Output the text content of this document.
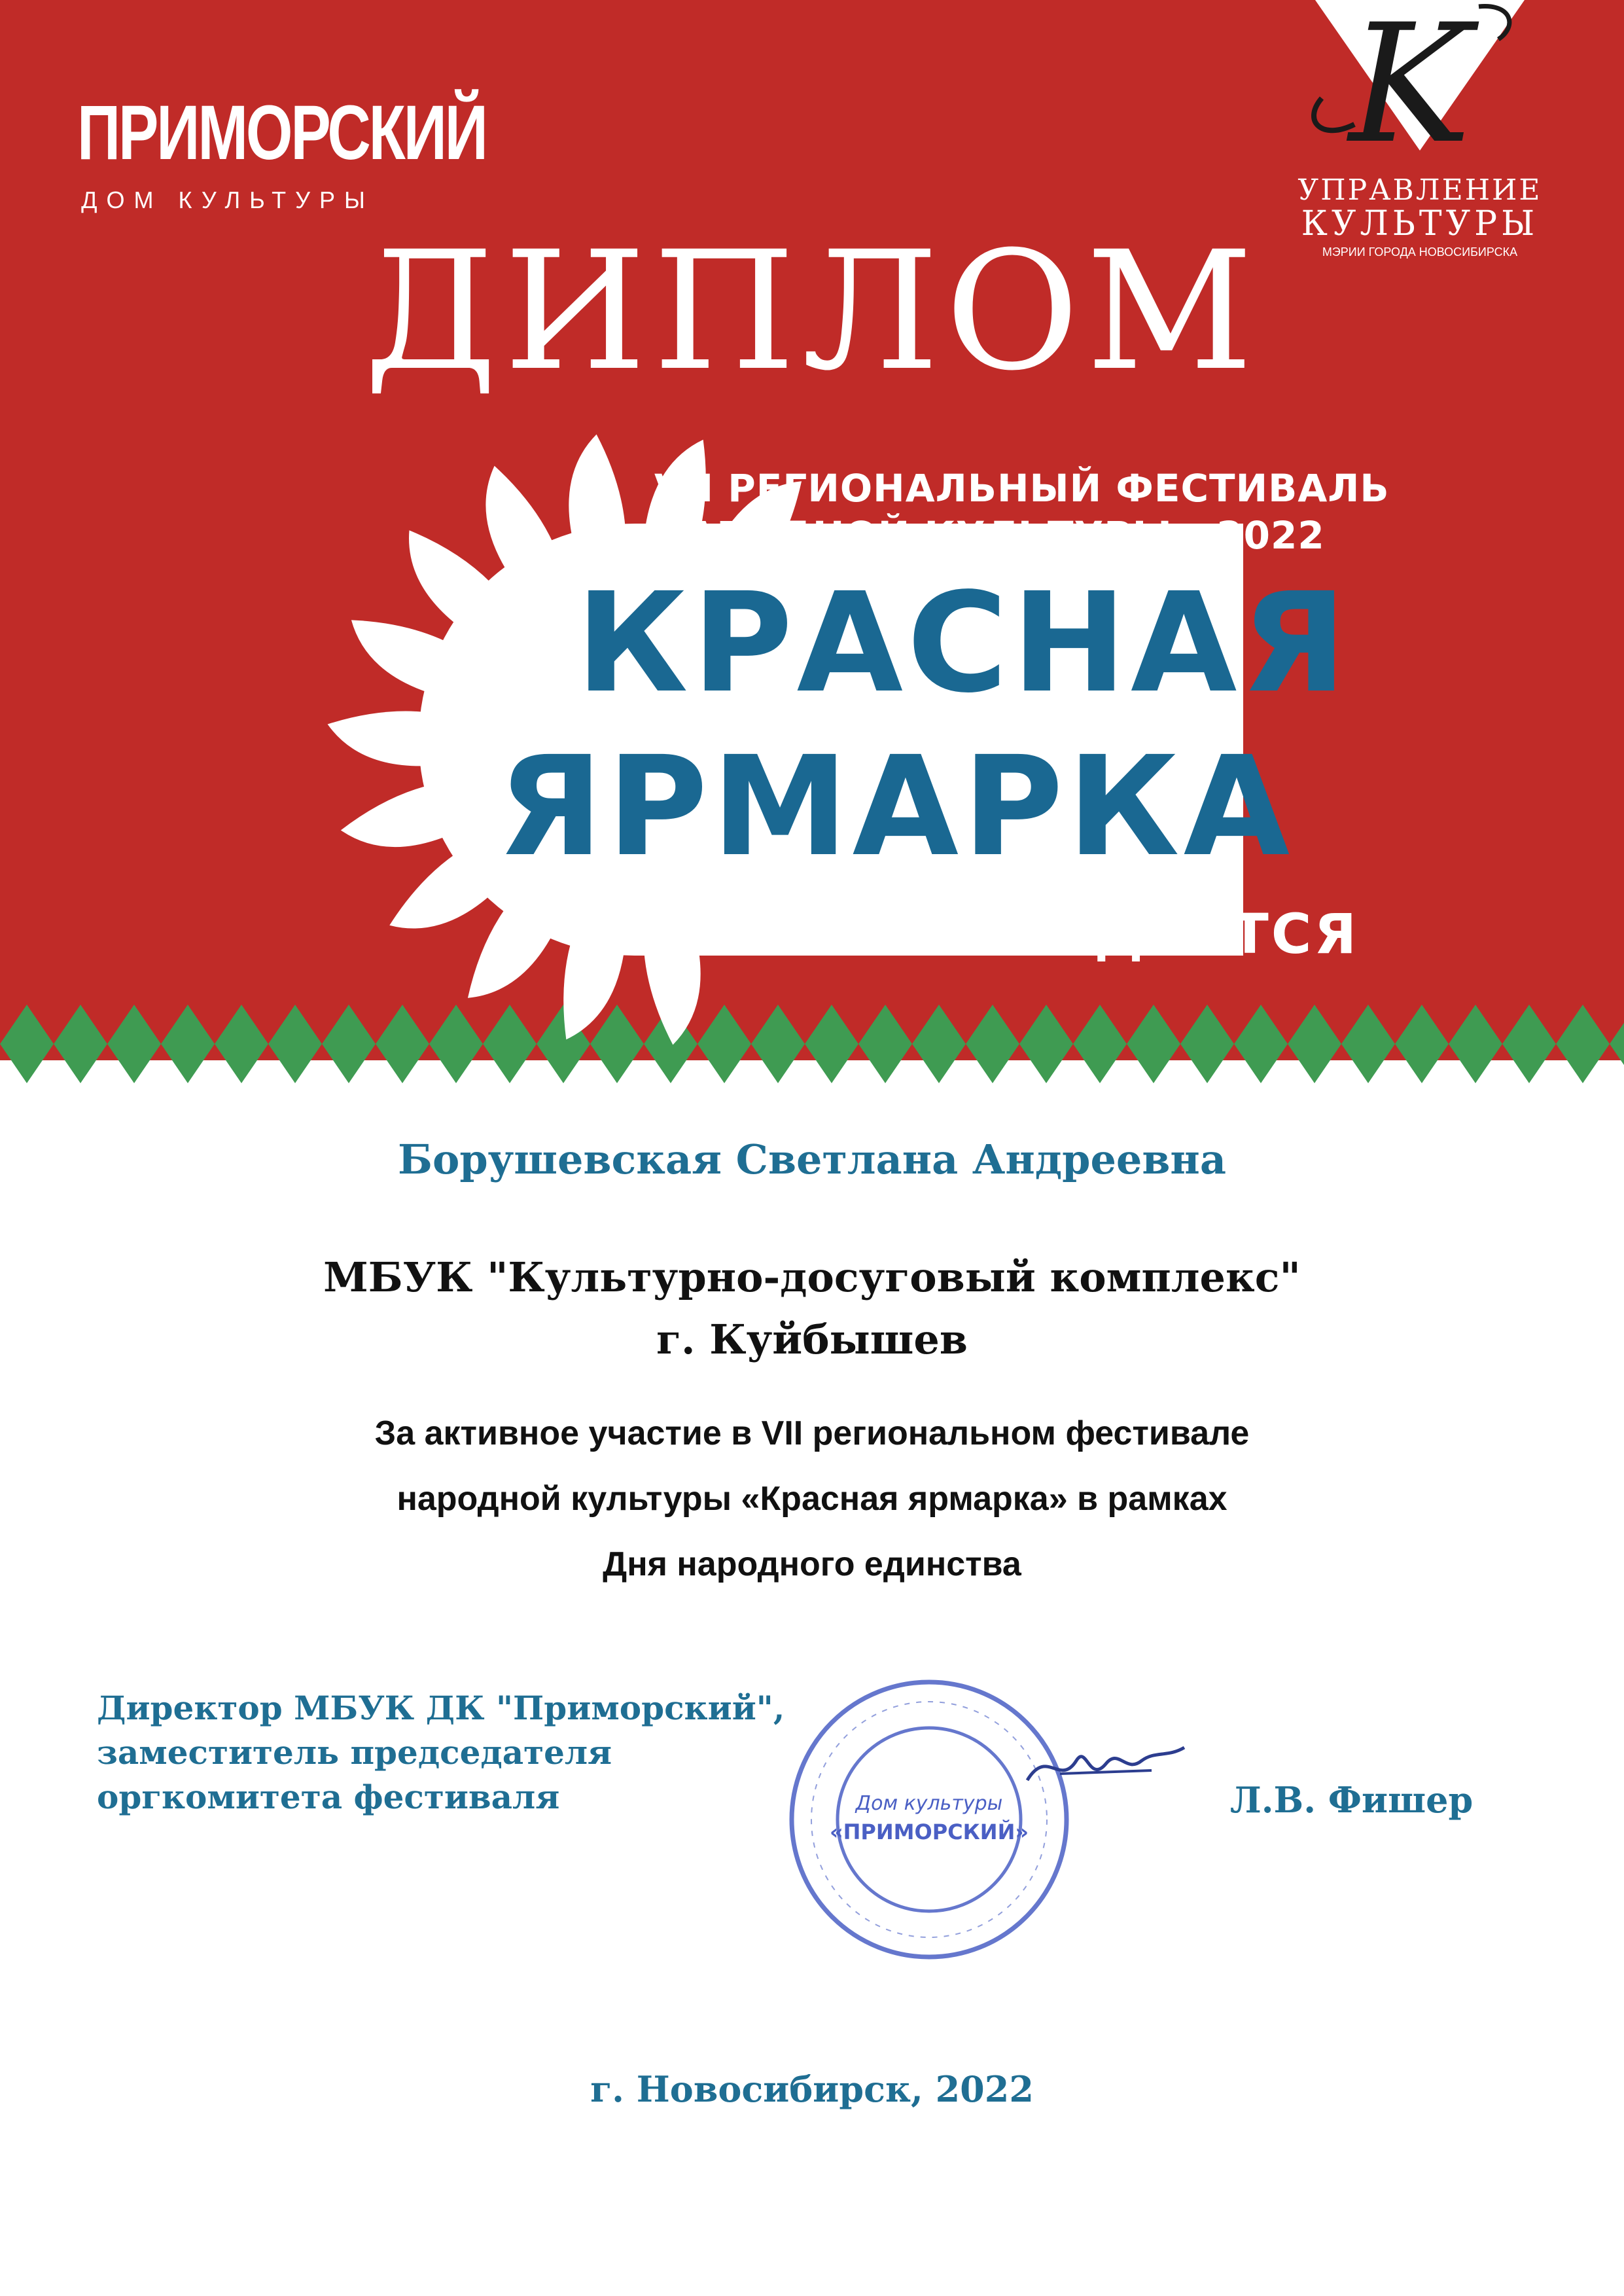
ПРИМОРСКИЙ
ДОМ КУЛЬТУРЫ
K
УПРАВЛЕНИЕ
КУЛЬТУРЫ
МЭРИИ ГОРОДА НОВОСИБИРСКА
ДИПЛОМ
VII РЕГИОНАЛЬНЫЙ ФЕСТИВАЛЬ
НАРОДНОЙ КУЛЬТУРЫ - 2022
КРАСНАЯ
ЯРМАРКА
НАГРАЖДАЕТСЯ
Борушевская Светлана Андреевна
МБУК "Культурно-досуговый комплекс"
г. Куйбышев
За активное участие в VII региональном фестивале
народной культуры «Красная ярмарка» в рамках
Дня народного единства
Директор МБУК ДК "Приморский",
заместитель председателя
оргкомитета фестиваля	Дом культуры
«ПРИМОРСКИЙ»
Л.В. Фишер
г. Новосибирск, 2022
